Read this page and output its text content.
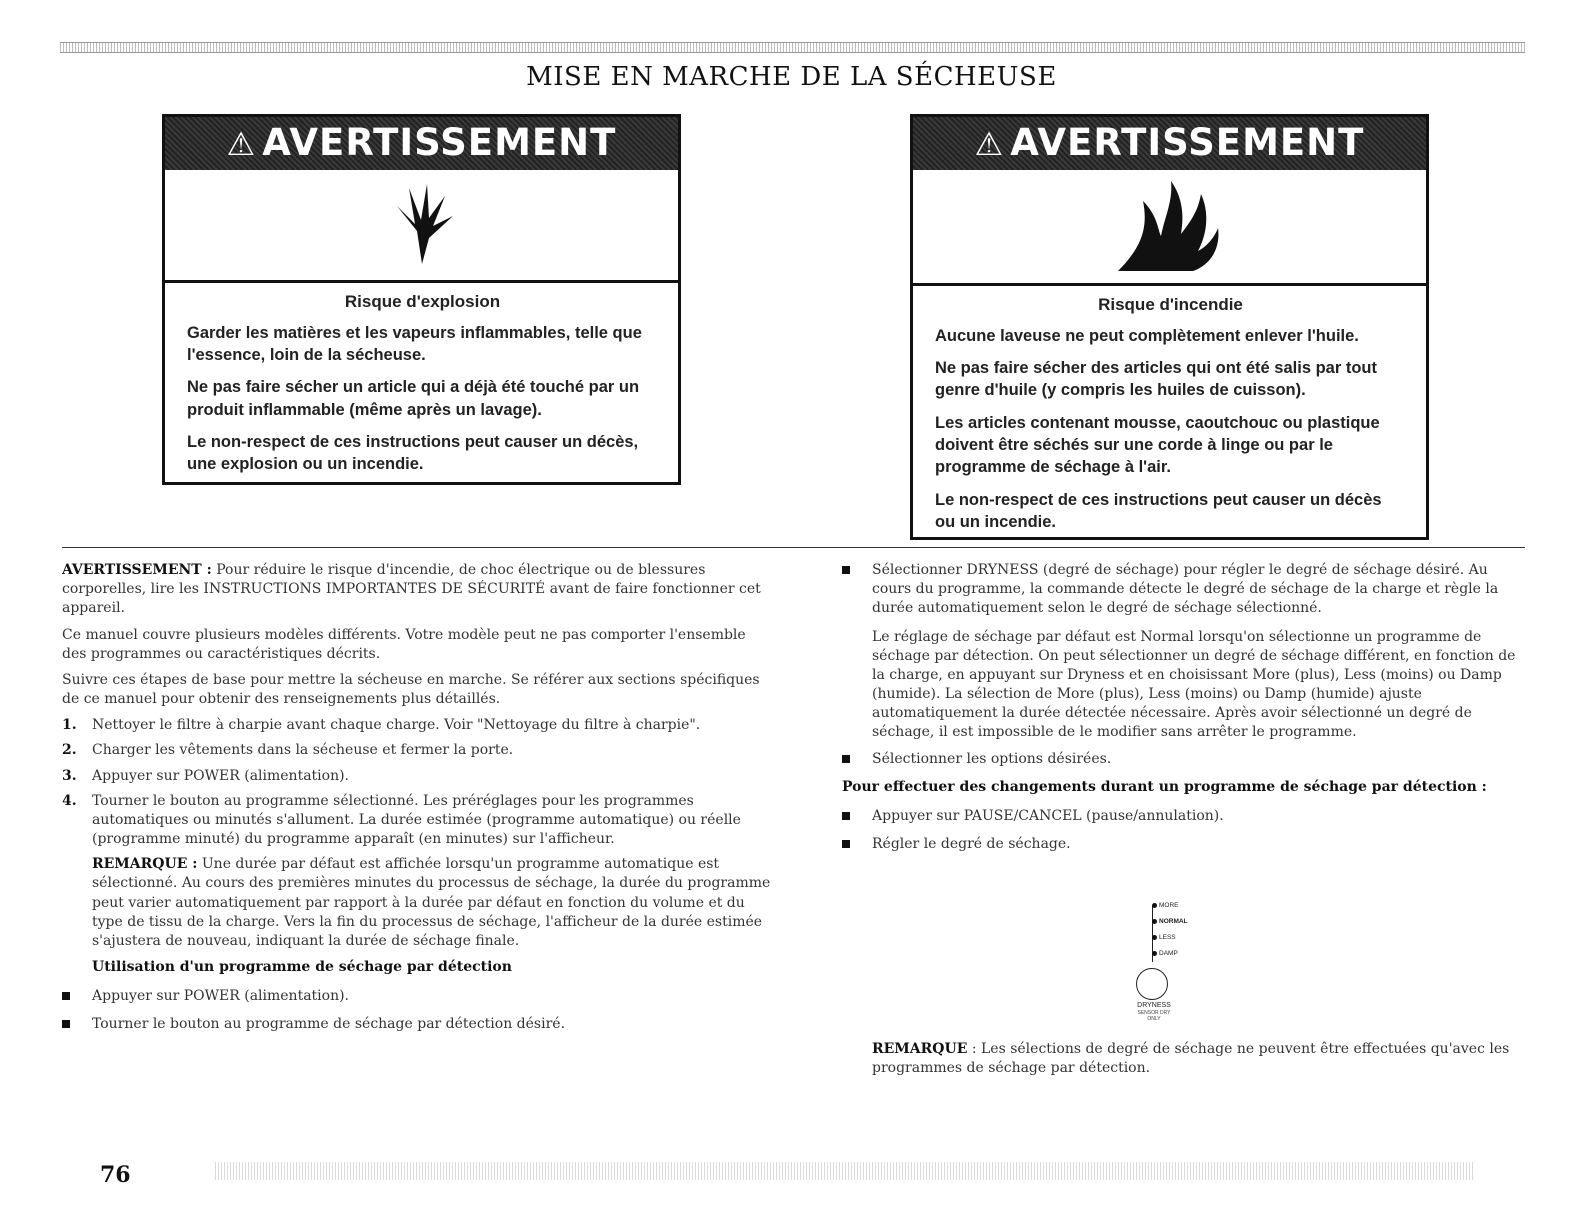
MISE EN MARCHE DE LA SÉCHEUSE
⚠ AVERTISSEMENT
Risque d'explosion

Garder les matières et les vapeurs inflammables, telle que l'essence, loin de la sécheuse.

Ne pas faire sécher un article qui a déjà été touché par un produit inflammable (même après un lavage).

Le non-respect de ces instructions peut causer un décès, une explosion ou un incendie.

⚠ AVERTISSEMENT
Risque d'incendie

Aucune laveuse ne peut complètement enlever l'huile.

Ne pas faire sécher des articles qui ont été salis par tout genre d'huile (y compris les huiles de cuisson).

Les articles contenant mousse, caoutchouc ou plastique doivent être séchés sur une corde à linge ou par le programme de séchage à l'air.

Le non-respect de ces instructions peut causer un décès ou un incendie.

AVERTISSEMENT : Pour réduire le risque d'incendie, de choc électrique ou de blessures corporelles, lire les INSTRUCTIONS IMPORTANTES DE SÉCURITÉ avant de faire fonctionner cet appareil.

Ce manuel couvre plusieurs modèles différents. Votre modèle peut ne pas comporter l'ensemble des programmes ou caractéristiques décrits.

Suivre ces étapes de base pour mettre la sécheuse en marche. Se référer aux sections spécifiques de ce manuel pour obtenir des renseignements plus détaillés.

1. Nettoyer le filtre à charpie avant chaque charge. Voir "Nettoyage du filtre à charpie".
2. Charger les vêtements dans la sécheuse et fermer la porte.
3. Appuyer sur POWER (alimentation).
4. Tourner le bouton au programme sélectionné. Les préréglages pour les programmes automatiques ou minutés s'allument. La durée estimée (programme automatique) ou réelle (programme minuté) du programme apparaît (en minutes) sur l'afficheur.

REMARQUE : Une durée par défaut est affichée lorsqu'un programme automatique est sélectionné. Au cours des premières minutes du processus de séchage, la durée du programme peut varier automatiquement par rapport à la durée par défaut en fonction du volume et du type de tissu de la charge. Vers la fin du processus de séchage, l'afficheur de la durée estimée s'ajustera de nouveau, indiquant la durée de séchage finale.

Utilisation d'un programme de séchage par détection
Appuyer sur POWER (alimentation).
Tourner le bouton au programme de séchage par détection désiré.
Sélectionner DRYNESS (degré de séchage) pour régler le degré de séchage désiré. Au cours du programme, la commande détecte le degré de séchage de la charge et règle la durée automatiquement selon le degré de séchage sélectionné.

Le réglage de séchage par défaut est Normal lorsqu'on sélectionne un programme de séchage par détection. On peut sélectionner un degré de séchage différent, en fonction de la charge, en appuyant sur Dryness et en choisissant More (plus), Less (moins) ou Damp (humide). La sélection de More (plus), Less (moins) ou Damp (humide) ajuste automatiquement la durée détectée nécessaire. Après avoir sélectionné un degré de séchage, il est impossible de le modifier sans arrêter le programme.

Sélectionner les options désirées.
Pour effectuer des changements durant un programme de séchage par détection :
Appuyer sur PAUSE/CANCEL (pause/annulation).
Régler le degré de séchage.
MORE
NORMAL
LESS
DAMP
DRYNESS
SENSOR DRY ONLY

REMARQUE : Les sélections de degré de séchage ne peuvent être effectuées qu'avec les programmes de séchage par détection.

76
